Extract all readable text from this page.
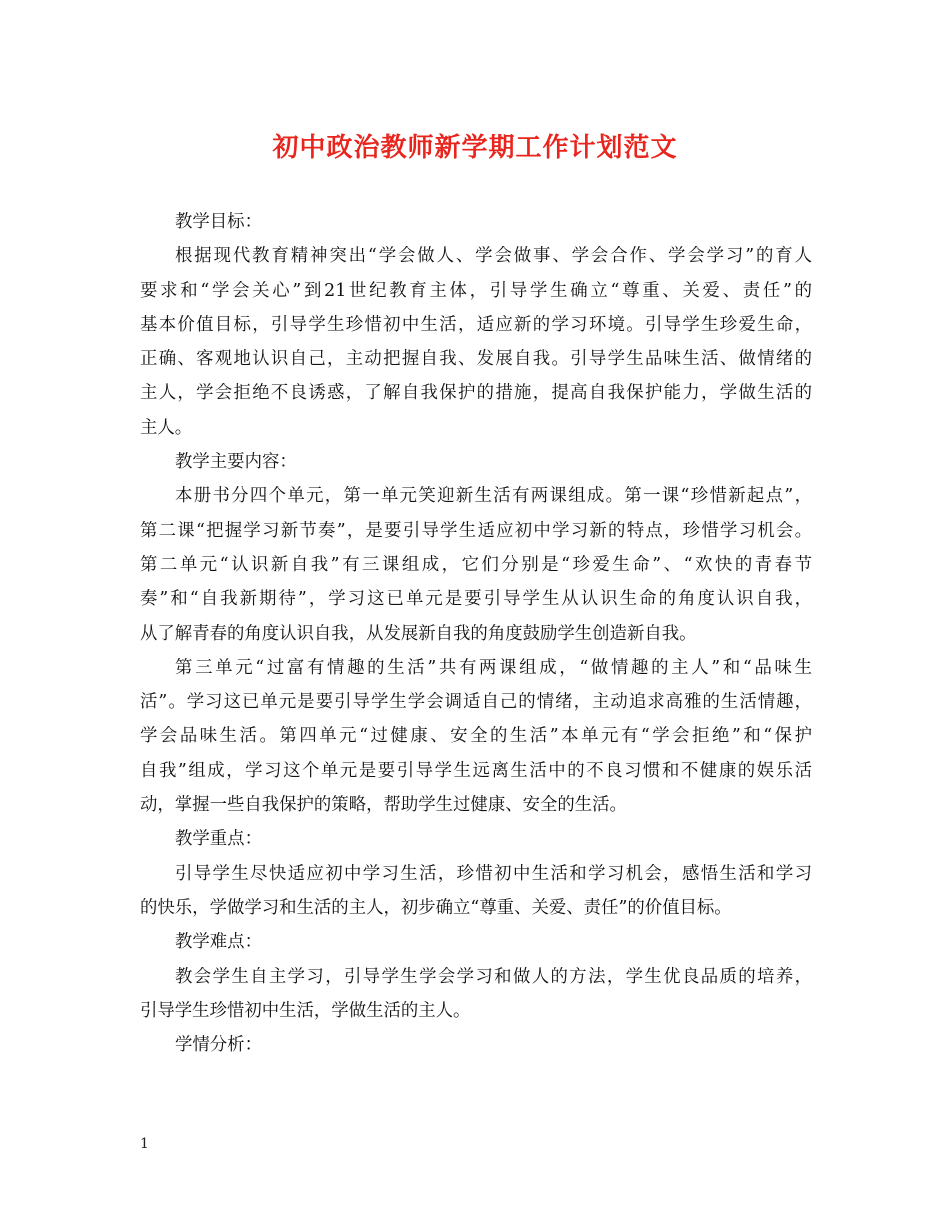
初中政治教师新学期工作计划范文
教学目标：
根据现代教育精神突出“学会做人、学会做事、学会合作、学会学习”的育人
要求和“学会关心”到21世纪教育主体，引导学生确立“尊重、关爱、责任”的
基本价值目标，引导学生珍惜初中生活，适应新的学习环境。引导学生珍爱生命，
正确、客观地认识自己，主动把握自我、发展自我。引导学生品味生活、做情绪的
主人，学会拒绝不良诱惑，了解自我保护的措施，提高自我保护能力，学做生活的
主人。
教学主要内容：
本册书分四个单元，第一单元笑迎新生活有两课组成。第一课“珍惜新起点”，
第二课“把握学习新节奏”，是要引导学生适应初中学习新的特点，珍惜学习机会。
第二单元“认识新自我”有三课组成，它们分别是“珍爱生命”、“欢快的青春节
奏”和“自我新期待”，学习这已单元是要引导学生从认识生命的角度认识自我，
从了解青春的角度认识自我，从发展新自我的角度鼓励学生创造新自我。
第三单元“过富有情趣的生活”共有两课组成，“做情趣的主人”和“品味生
活”。学习这已单元是要引导学生学会调适自己的情绪，主动追求高雅的生活情趣，
学会品味生活。第四单元“过健康、安全的生活”本单元有“学会拒绝”和“保护
自我”组成，学习这个单元是要引导学生远离生活中的不良习惯和不健康的娱乐活
动，掌握一些自我保护的策略，帮助学生过健康、安全的生活。
教学重点：
引导学生尽快适应初中学习生活，珍惜初中生活和学习机会，感悟生活和学习
的快乐，学做学习和生活的主人，初步确立“尊重、关爱、责任”的价值目标。
教学难点：
教会学生自主学习，引导学生学会学习和做人的方法，学生优良品质的培养，
引导学生珍惜初中生活，学做生活的主人。
学情分析：
1
